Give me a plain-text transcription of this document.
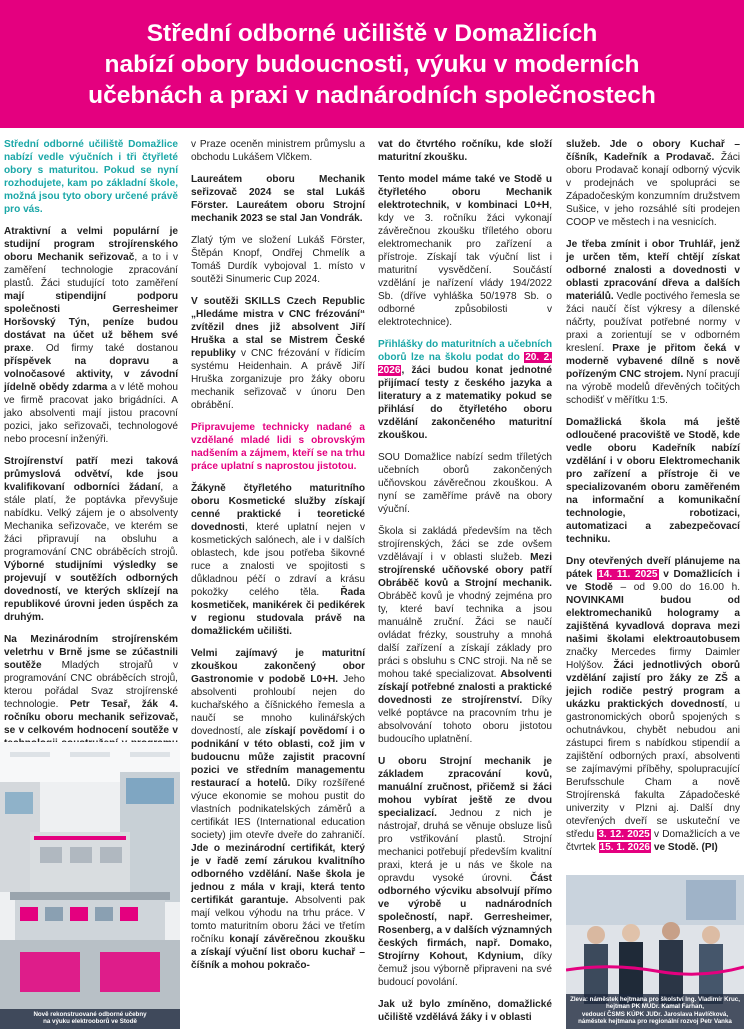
Střední odborné učiliště v Domažlicích
nabízí obory budoucnosti, výuku v moderních
učebnách a praxi v nadnárodních společnostech

Střední odborné učiliště Domažlice nabízí vedle výučních i tři čtyřleté obory s maturitou. Pokud se nyní rozhodujete, kam po základní škole, možná jsou tyto obory určené právě pro vás.

Atraktivní a velmi populární je studijní program strojírenského oboru Mechanik seřizovač, a to i v zaměření technologie zpracování plastů. Žáci studující toto zaměření mají stipendijní podporu společnosti Gerresheimer Horšovský Týn, peníze budou dostávat na účet už během své praxe. Od firmy také dostanou příspěvek na dopravu a volnočasové aktivity, v závodní jídelně obědy zdarma a v létě mohou ve firmě pracovat jako brigádníci. A jako absolventi mají jistou pracovní pozici, jako seřizovači, technologové nebo procesní inženýři.

Strojírenství patří mezi taková průmyslová odvětví, kde jsou kvalifikovaní odborníci žádaní, a stále platí, že poptávka převyšuje nabídku. Velký zájem je o absolventy Mechanika seřizovače, ve kterém se žáci připravují na obsluhu a programování CNC obráběcích strojů. Výborné studijními výsledky se projevují v soutěžích odborných dovedností, ve kterých sklízejí na republikové úrovni jeden úspěch za druhým.

Na Mezinárodním strojírenském veletrhu v Brně jsme se zúčastnili soutěže Mladých strojařů v programování CNC obráběcích strojů, kterou pořádal Svaz strojírenské technologie. Petr Tesař, žák 4. ročníku oboru mechanik seřizovač, se v celkovém hodnocení soutěže v

v Praze oceněn ministrem průmyslu a obchodu Lukášem Vlčkem.

Laureátem oboru Mechanik seřizovač 2024 se stal Lukáš Förster. Laureátem oboru Strojní mechanik 2023 se stal Jan Vondrák.

Zlatý tým ve složení Lukáš Förster, Štěpán Knopf, Ondřej Chmelík a Tomáš Durdík vybojoval 1. místo v soutěži Sinumeric Cup 2024.

V soutěži SKILLS Czech Republic „Hledáme mistra v CNC frézování“ zvítězil dnes již absolvent Jiří Hruška a stal se Mistrem České republiky v CNC frézování v řídicím systému Heidenhain. A právě Jiří Hruška zorganizuje pro žáky oboru mechanik seřizovač v únoru Den obrábění.

Připravujeme technicky nadané a vzdělané mladé lidi s obrovským nadšením a zájmem, kteří se na trhu práce uplatní s naprostou jistotou.

Žákyně čtyřletého maturitního oboru Kosmetické služby získají cenné praktické i teoretické dovednosti, které uplatní nejen v kosmetických salónech, ale i v dalších oblastech, kde jsou potřeba šikovné ruce a znalosti ve spojitosti s důkladnou péčí o zdraví a krásu pokožky celého těla. Řada kosmetiček, manikérek či pedikérek v regionu studovala právě na domažlickém učilišti.

Velmi zajímavý je maturitní zkouškou zakončený obor Gastronomie v podobě L0+H. Jeho absolventi prohloubí nejen do kuchařského a číšnického řemesla a naučí se mnoho kulinářských dovedností, ale získají povědomí i o podnikání v této oblasti, což jim v budoucnu může zajistit pracovní pozici ve středním managementu restaurací a hotelů. Díky rozšířené výuce ekonomie se mohou pustit do vlastních podnikatelských záměrů a certifikát IES (International education society) jim otevře dveře do zahraničí. Jde o mezinárodní certifikát, který je v řadě zemí zárukou kvalitního odborného vzdělání. Naše škola je jednou z málа v kraji, která tento certifikát garantuje. Absolventi pak mají velkou výhodu na trhu práce. V tomto maturitním oboru žáci ve třetím ročníku konají závěrečnou zkoušku a získají výuční list oboru kuchař – číšník a mohou pokračo-

vat do čtvrtého ročníku, kde složí maturitní zkoušku.

Tento model máme také ve Stodě u čtyřletého oboru Mechanik elektrotechnik, v kombinaci L0+H, kdy ve 3. ročníku žáci vykonají závěrečnou zkoušku tříletého oboru elektromechanik pro zařízení a přístroje. Získají tak výuční list i maturitní vysvědčení. Součástí vzdělání je nařízení vlády 194/2022 Sb. (dříve vyhláška 50/1978 Sb. o odborné způsobilosti v elektrotechnice).

Přihlášky do maturitních a učebních oborů lze na školu podat do 20. 2. 2026, žáci budou konat jednotné přijímací testy z českého jazyka a literatury a z matematiky pokud se přihlásí do čtyřletého oboru vzdělání zakončeného maturitní zkouškou.

SOU Domažlice nabízí sedm tříletých učebních oborů zakončených učňovskou závěrečnou zkouškou. A nyní se zaměříme právě na obory výuční.

Škola si zakládá především na těch strojírenských, žáci se zde ovšem vzdělávají i v oblasti služeb. Mezi strojírenské učňovské obory patří Obráběč kovů a Strojní mechanik. Obráběč kovů je vhodný zejména pro ty, které baví technika a jsou manuálně zruční. Žáci se naučí ovládat frézky, soustruhy a mnohá další zařízení a získají základy pro práci s obsluhu s CNC stroji. Na ně se mohou také specializovat. Absolventi získají potřebné znalosti a praktické dovednosti ze strojírenství. Díky velké poptávce na pracovním trhu je absolvování tohoto oboru jistotou budoucího uplatnění.

U oboru Strojní mechanik je základem zpracování kovů, manuální zručnost, přičemž si žáci mohou vybírat ještě ze dvou specializací. Jednou z nich je nástrojař, druhá se věnuje obsluze lisů pro vstřikování plastů. Strojní mechanici potřebují především kvalitní praxi, která je u nás ve škole na opravdu vysoké úrovni. Část odborného výcviku absolvují přímo ve výrobě u nadnárodních společností, např. Gerresheimer, Rosenberg, a v dalších významných českých firmách, např. Domako, Strojírny Kohout, Kdynium, díky čemuž jsou výborně připraveni na své budoucí povolání.

Jak už bylo zmíněno, domažlické učiliště vzdělává žáky i v oblasti

služeb. Jde o obory Kuchař – číšník, Kadeřník a Prodavač. Žáci oboru Prodavač konají odborný výcvik v prodejnách ve spolupráci se Západočeským konzumním družstvem Sušice, v jeho rozsáhlé síti prodejen COOP ve městech i na vesnicích.

Je třeba zmínit i obor Truhlář, jenž je určen těm, kteří chtějí získat odborné znalosti a dovednosti v oblasti zpracování dřeva a dalších materiálů. Vedle poctivého řemesla se žáci naučí číst výkresy a dílenské náčrty, používat potřebné normy v praxi a zorientují se v odborném kreslení. Praxe je přitom čeká v moderně vybavené dílně s nově pořízeným CNC strojem. Nyní pracují na výrobě modelů dřevěných točitých schodišť v měřítku 1:5.

Domažlická škola má ještě odloučené pracoviště ve Stodě, kde vedle oboru Kadeřník nabízí vzdělání i v oboru Elektromechanik pro zařízení a přístroje či ve specializovaném oboru zaměřeném na informační a komunikační technologie, robotizaci, automatizaci a zabezpečovací techniku.

Dny otevřených dveří plánujeme na pátek 14. 11. 2025 v Domažlicích i ve Stodě – od 9.00 do 16.00 h. NOVINKAMI budou od elektromechaniků hologramy a zajištěná kyvadlová doprava mezi našimi školami elektroautobusem značky Mercedes firmy Daimler Holýšov. Žáci jednotlivých oborů vzdělání zajistí pro žáky ze ZŠ a jejich rodiče pestrý program a ukázku praktických dovedností, u gastronomických oborů spojených s ochutnávkou, chybět nebudou ani zástupci firem s nabídkou stipendií a zajištění odborných praxí, absolventi se zajímavými příběhy, spolupracující Berufsschule Cham a nově Strojírenská fakulta Západočeské univerzity v Plzni aj. Další dny otevřených dveří se uskuteční ve středu 3. 12. 2025 v Domažlicích a ve čtvrtek 15. 1. 2026 ve Stodě. (PI)

Nově rekonstruované odborné učebny
na výuku elektrooborů ve Stodě
Zleva: náměstek hejtmana pro školství Ing. Vladimír Kruc,
hejtman PK MUDr. Kamal Farhan,
vedoucí ČSMS KÚPK JUDr. Jaroslava Havlíčková,
náměstek hejtmana pro regionální rozvoj Petr Vanka
